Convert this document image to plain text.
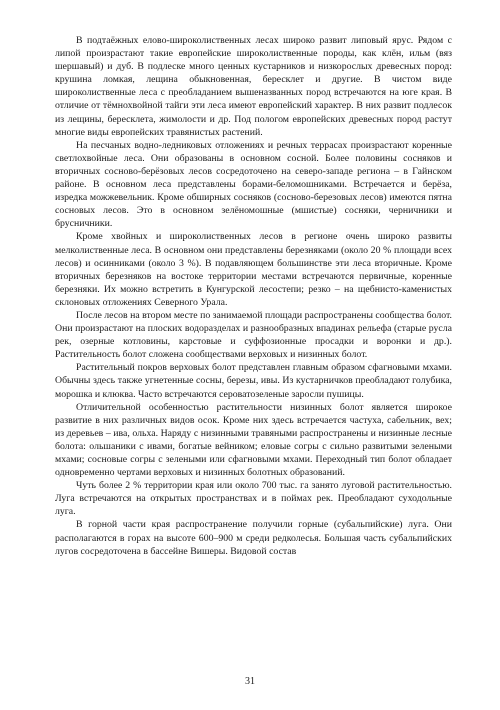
В подтаёжных елово-широколиственных лесах широко развит липовый ярус. Рядом с липой произрастают такие европейские широколиственные породы, как клён, ильм (вяз шершавый) и дуб. В подлеске много ценных кустарников и низкорослых древесных пород: крушина ломкая, лещина обыкновенная, бересклет и другие. В чистом виде широколиственные леса с преобладанием вышеназванных пород встречаются на юге края. В отличие от тёмнохвойной тайги эти леса имеют европейский характер. В них развит подлесок из лещины, бересклета, жимолости и др. Под пологом европейских древесных пород растут многие виды европейских травянистых растений.

На песчаных водно-ледниковых отложениях и речных террасах произрастают коренные светлохвойные леса. Они образованы в основном сосной. Более половины сосняков и вторичных сосново-берёзовых лесов сосредоточено на северо-западе региона – в Гайнском районе. В основном леса представлены борами-беломошниками. Встречается и берёза, изредка можжевельник. Кроме обширных сосняков (сосново-березовых лесов) имеются пятна сосновых лесов. Это в основном зелёномошные (мшистые) сосняки, черничники и брусничники.

Кроме хвойных и широколиственных лесов в регионе очень широко развиты мелколиственные леса. В основном они представлены березняками (около 20 % площади всех лесов) и осинниками (около 3 %). В подавляющем большинстве эти леса вторичные. Кроме вторичных березняков на востоке территории местами встречаются первичные, коренные березняки. Их можно встретить в Кунгурской лесостепи; резко – на щебнисто-каменистых склоновых отложениях Северного Урала.

После лесов на втором месте по занимаемой площади распространены сообщества болот. Они произрастают на плоских водоразделах и разнообразных впадинах рельефа (старые русла рек, озерные котловины, карстовые и суффозионные просадки и воронки и др.). Растительность болот сложена сообществами верховых и низинных болот.

Растительный покров верховых болот представлен главным образом сфагновыми мхами. Обычны здесь также угнетенные сосны, березы, ивы. Из кустарничков преобладают голубика, морошка и клюква. Часто встречаются сероватозеленые заросли пушицы.

Отличительной особенностью растительности низинных болот является широкое развитие в них различных видов осок. Кроме них здесь встречается частуха, сабельник, вех; из деревьев – ива, ольха. Наряду с низинными травяными распространены и низинные лесные болота: ольшаники с ивами, богатые вейником; еловые согры с сильно развитыми зелеными мхами; сосновые согры с зелеными или сфагновыми мхами. Переходный тип болот обладает одновременно чертами верховых и низинных болотных образований.

Чуть более 2 % территории края или около 700 тыс. га занято луговой растительностью. Луга встречаются на открытых пространствах и в поймах рек. Преобладают суходольные луга.

В горной части края распространение получили горные (субальпийские) луга. Они располагаются в горах на высоте 600–900 м среди редколесья. Большая часть субальпийских лугов сосредоточена в бассейне Вишеры. Видовой состав

31
